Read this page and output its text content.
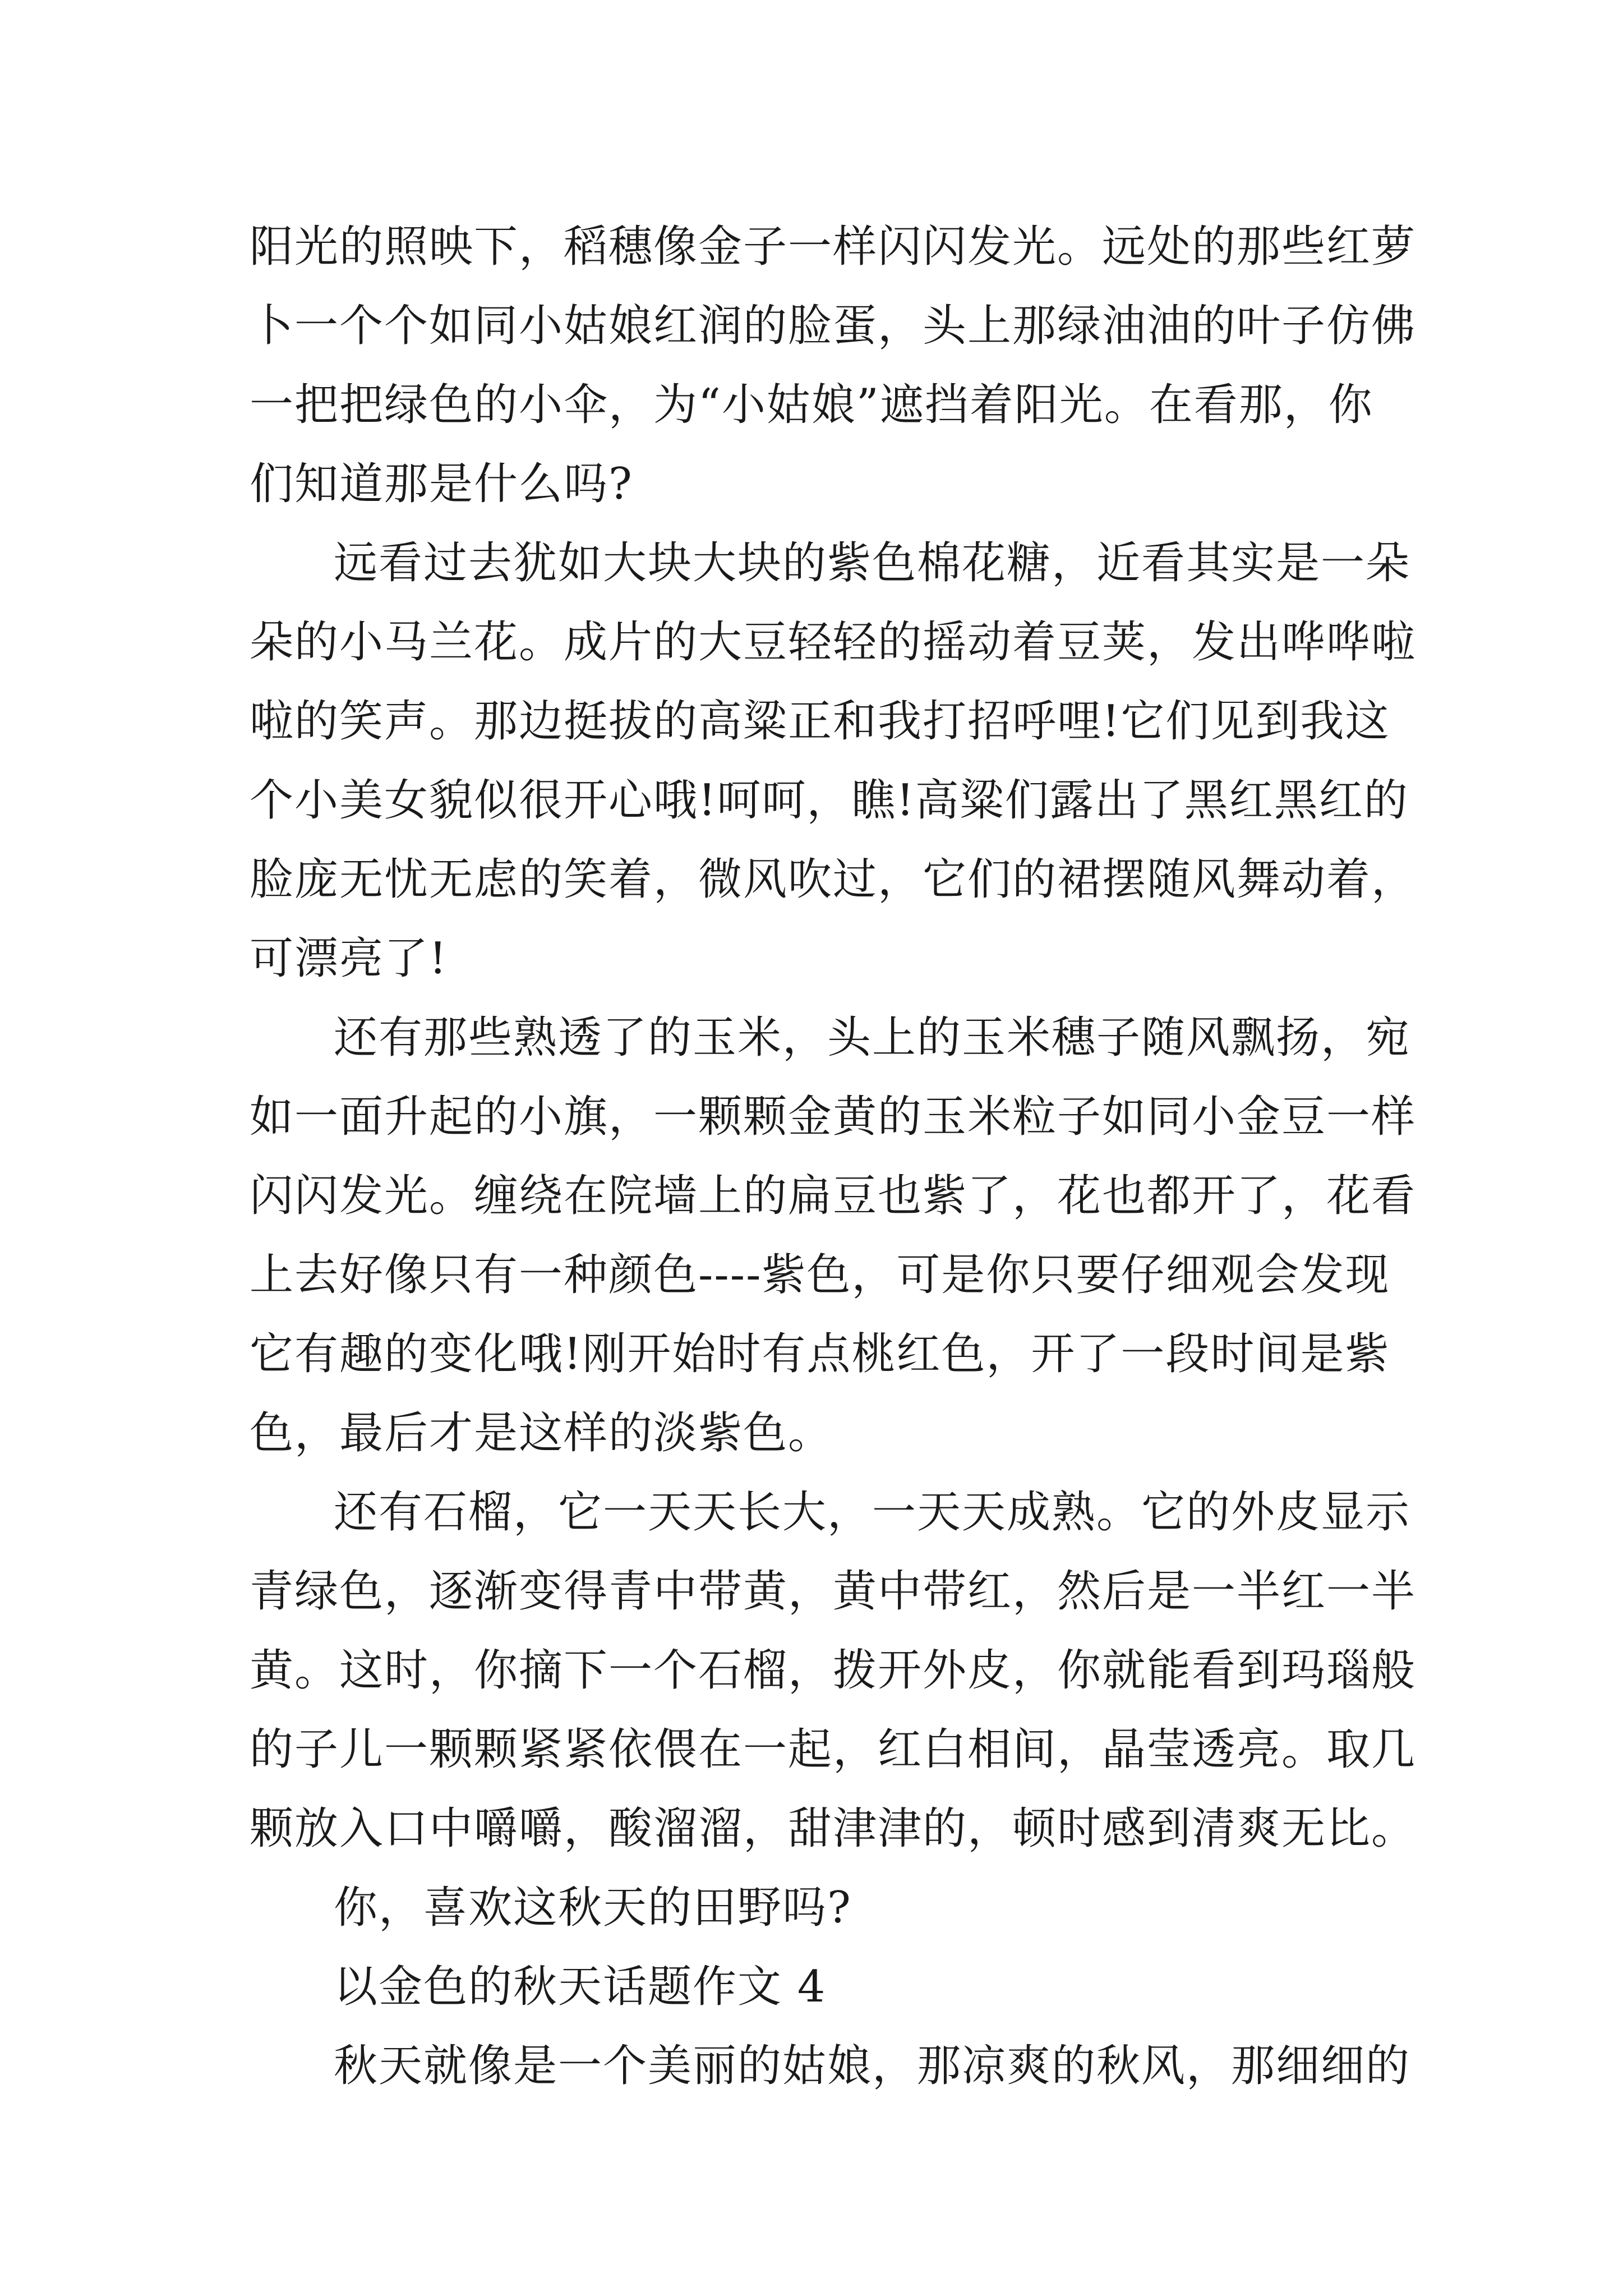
阳光的照映下，稻穗像金子一样闪闪发光。远处的那些红萝
卜一个个如同小姑娘红润的脸蛋，头上那绿油油的叶子仿佛
一把把绿色的小伞，为“小姑娘”遮挡着阳光。在看那，你
们知道那是什么吗?
远看过去犹如大块大块的紫色棉花糖，近看其实是一朵
朵的小马兰花。成片的大豆轻轻的摇动着豆荚，发出哗哗啦
啦的笑声。那边挺拔的高粱正和我打招呼哩!它们见到我这
个小美女貌似很开心哦!呵呵，瞧!高粱们露出了黑红黑红的
脸庞无忧无虑的笑着，微风吹过，它们的裙摆随风舞动着，
可漂亮了!
还有那些熟透了的玉米，头上的玉米穗子随风飘扬，宛
如一面升起的小旗，一颗颗金黄的玉米粒子如同小金豆一样
闪闪发光。缠绕在院墙上的扁豆也紫了，花也都开了，花看
上去好像只有一种颜色----紫色，可是你只要仔细观会发现
它有趣的变化哦!刚开始时有点桃红色，开了一段时间是紫
色，最后才是这样的淡紫色。
还有石榴，它一天天长大，一天天成熟。它的外皮显示
青绿色，逐渐变得青中带黄，黄中带红，然后是一半红一半
黄。这时，你摘下一个石榴，拨开外皮，你就能看到玛瑙般
的子儿一颗颗紧紧依偎在一起，红白相间，晶莹透亮。取几
颗放入口中嚼嚼，酸溜溜，甜津津的，顿时感到清爽无比。
你，喜欢这秋天的田野吗?
以金色的秋天话题作文 4
秋天就像是一个美丽的姑娘，那凉爽的秋风，那细细的
